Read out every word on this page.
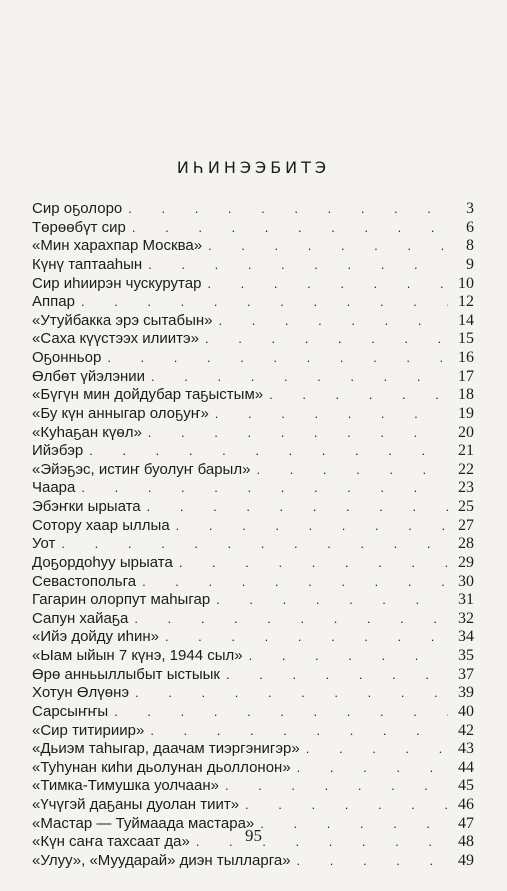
ИҺИНЭЭБИТЭ
Сир оҕолоро . . .	3
Төрөөбүт сир . . .	6
«Мин харахпар Москва» . . .	8
Күнү таптааһын . . .	9
Сир иһиирэн чускурутар . . .	10
Аппар . . .	12
«Утуйбакка эрэ сытабын» . . .	14
«Саха күүстээх илиитэ» . . .	15
Оҕонньор . . .	16
Өлбөт үйэлэнии . . .	17
«Бүгүн мин дойдубар таҕыстым» . . .	18
«Бу күн анныгар олоҕуҥ» . . .	19
«Куһаҕан күөл» . . .	20
Ийэбэр . . .	21
«Эйэҕэс, истиҥ буолуҥ барыл» . . .	22
Чаара . . .	23
Эбэҥки ырыата . . .	25
Сотору хаар ыллыа . . .	27
Уот . . .	28
Доҕордоһуу ырыата . . .	29
Севастопольга . . .	30
Гагарин олорпут маһыгар . . .	31
Сапун хайаҕа . . .	32
«Ийэ дойду иһин» . . .	34
«Ыам ыйын 7 күнэ, 1944 сыл» . . .	35
Өрө анньыллыбыт ыстыык . . .	37
Хотун Өлүөнэ . . .	39
Сарсыҥҥы . . .	40
«Сир титириир» . . .	42
«Дьиэм таһыгар, даачам тиэргэнигэр» . . .	43
«Туһунан киһи дьолунан дьоллонон» . . .	44
«Тимка-Тимушка уолчаан» . . .	45
«Үчүгэй даҕаны дуолан тиит» . . .	46
«Мастар — Туймаада мастара» . . .	47
«Күн саҥа тахсаат да» . . .	48
«Улуу», «Муударай» диэн тылларга» . . .	49
95
